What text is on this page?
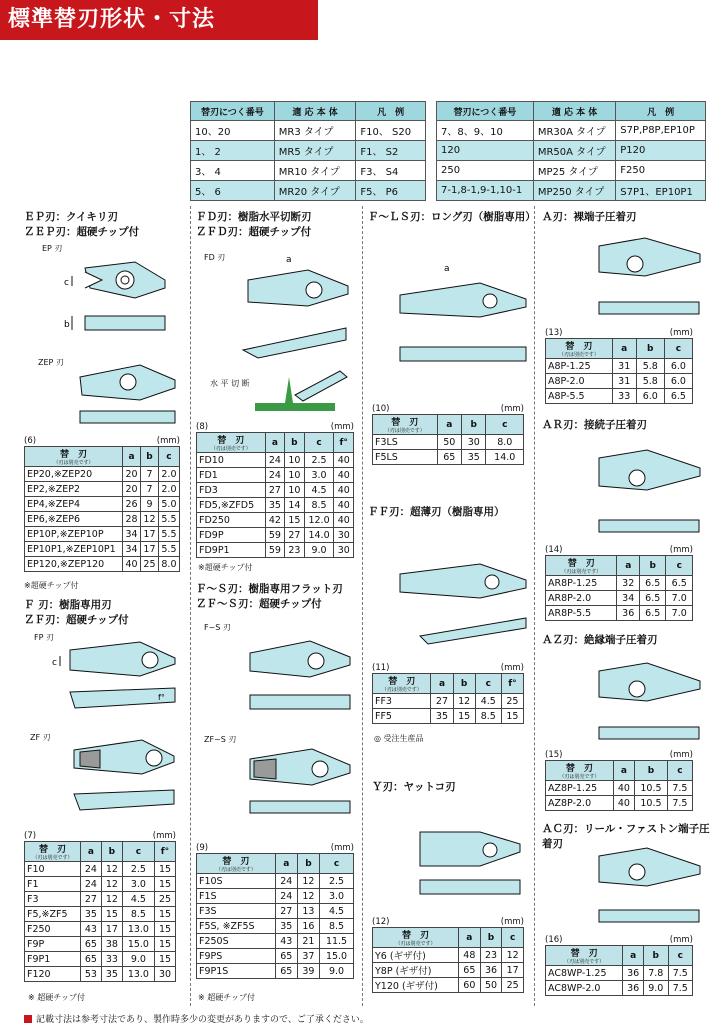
標準替刃形状・寸法
替刃につく番号	適 応 本 体	凡　例
10、20	MR3 タイプ	F10、 S20
1、 2	MR5 タイプ	F1、 S2
3、 4	MR10 タイプ	F3、 S4
5、 6	MR20 タイプ	F5、 P6
替刃につく番号	適 応 本 体	凡　例
7、8、9、10	MR30A タイプ	S7P,P8P,EP10P
120	MR50A タイプ	P120
250	MP25 タイプ	F250
7-1,8-1,9-1,10-1	MP250 タイプ	S7P1、EP10P1
ＥＰ刃：クイキリ刃
ＺＥＰ刃：超硬チップ付
EP 刃
c
b
ZEP 刃
(6)	(mm)
替　刃
（刃は別売です）	a	b	c
EP20,※ZEP20	20	7	2.0
EP2,※ZEP2	20	7	2.0
EP4,※ZEP4	26	9	5.0
EP6,※ZEP6	28	12	5.5
EP10P,※ZEP10P	34	17	5.5
EP10P1,※ZEP10P1	34	17	5.5
EP120,※ZEP120	40	25	8.0
※超硬チップ付
Ｆ 刃：樹脂専用刃
ＺＦ刃：超硬チップ付
FP 刃
c
f°
ZF 刃
(7)	(mm)
替　刃
（刃は別売です）	a	b	c	f°
F10	24	12	2.5	15
F1	24	12	3.0	15
F3	27	12	4.5	25
F5,※ZF5	35	15	8.5	15
F250	43	17	13.0	15
F9P	65	38	15.0	15
F9P1	65	33	9.0	15
F120	53	35	13.0	30
※ 超硬チップ付
ＦＤ刃：樹脂水平切断刃
ＺＦＤ刃：超硬チップ付
FD 刃	a
水 平 切 断
(8)	(mm)
替　刃
（刃は別売です）	a	b	c	f°
FD10	24	10	2.5	40
FD1	24	10	3.0	40
FD3	27	10	4.5	40
FD5,※ZFD5	35	14	8.5	40
FD250	42	15	12.0	40
FD9P	59	27	14.0	30
FD9P1	59	23	9.0	30
※超硬チップ付
Ｆ～Ｓ刃：樹脂専用フラット刃
ＺＦ～Ｓ刃：超硬チップ付
F~S 刃
ZF~S 刃
(9)	(mm)
替　刃
（刃は別売です）	a	b	c
F10S	24	12	2.5
F1S	24	12	3.0
F3S	27	13	4.5
F5S, ※ZF5S	35	16	8.5
F250S	43	21	11.5
F9PS	65	37	15.0
F9P1S	65	39	9.0
※ 超硬チップ付
Ｆ～ＬＳ刃：ロング刃（樹脂専用）
a
(10)	(mm)
替　刃
（刃は別売です）	a	b	c
F3LS	50	30	8.0
F5LS	65	35	14.0
ＦＦ刃：超薄刃（樹脂専用）
(11)	(mm)
替　刃
（刃は別売です）	a	b	c	f°
FF3	27	12	4.5	25
FF5	35	15	8.5	15
◎ 受注生産品
Ｙ刃：ヤットコ刃
(12)	(mm)
替　刃
（刃は別売です）	a	b	c
Y6 (ギザ付)	48	23	12
Y8P (ギザ付)	65	36	17
Y120 (ギザ付)	60	50	25
Ａ刃：裸端子圧着刃
(13)	(mm)
替　刃
（刃は別売です）	a	b	c
A8P-1.25	31	5.8	6.0
A8P-2.0	31	5.8	6.0
A8P-5.5	33	6.0	6.5
ＡＲ刃：接続子圧着刃
(14)	(mm)
替　刃
（刃は別売です）	a	b	c
AR8P-1.25	32	6.5	6.5
AR8P-2.0	34	6.5	7.0
AR8P-5.5	36	6.5	7.0
ＡＺ刃：絶縁端子圧着刃
(15)	(mm)
替　刃
（刃は別売です）	a	b	c
AZ8P-1.25	40	10.5	7.5
AZ8P-2.0	40	10.5	7.5
ＡＣ刃：リール・ファストン端子圧着刃
(16)	(mm)
替　刃
（刃は別売です）	a	b	c
AC8WP-1.25	36	7.8	7.5
AC8WP-2.0	36	9.0	7.5
記載寸法は参考寸法であり、製作時多少の変更がありますので、ご了承ください。
